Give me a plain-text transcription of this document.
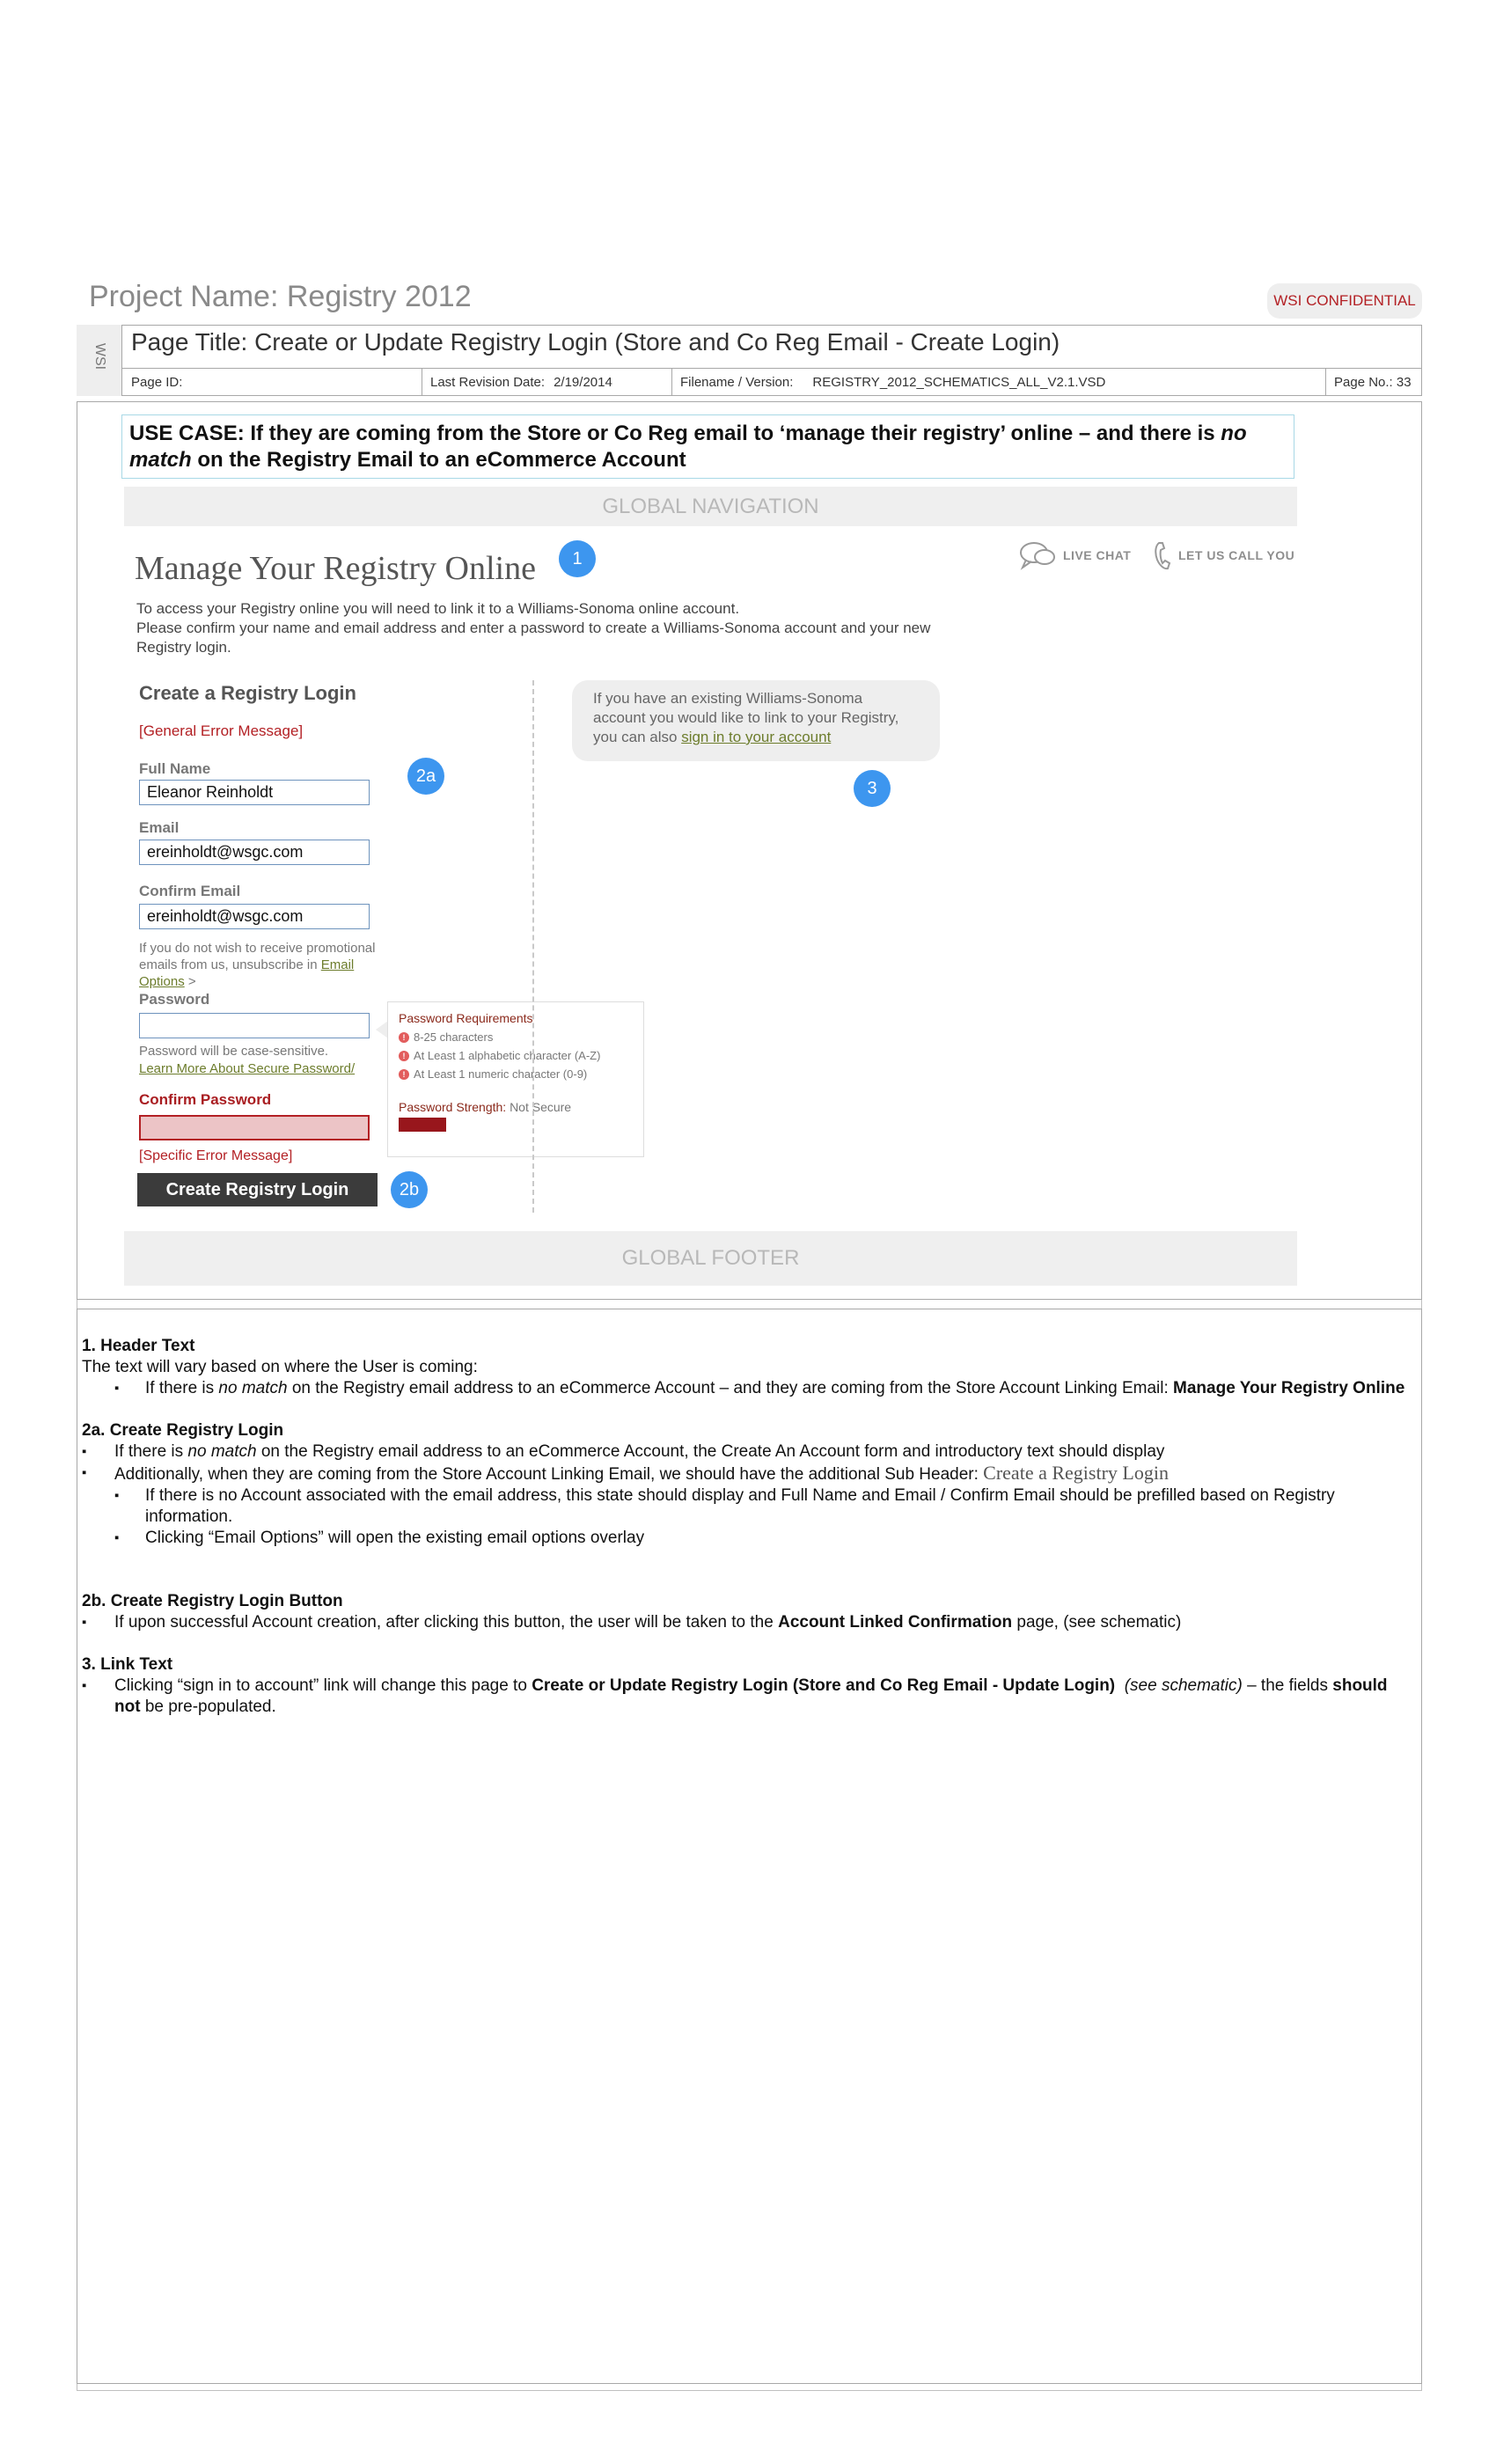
Project Name: Registry 2012	WSI CONFIDENTIAL
WSI
Page Title: Create or Update Registry Login (Store and Co Reg Email - Create Login)
Page ID:	Last Revision Date: 2/19/2014	Filename / Version: REGISTRY_2012_SCHEMATICS_ALL_V2.1.VSD	Page No.: 33
USE CASE: If they are coming from the Store or Co Reg email to ‘manage their registry’ online – and there is no match on the Registry Email to an eCommerce Account
GLOBAL NAVIGATION
Manage Your Registry Online	1	LIVE CHAT	LET US CALL YOU
To access your Registry online you will need to link it to a Williams-Sonoma online account.
Please confirm your name and email address and enter a password to create a Williams-Sonoma account and your new Registry login.
Create a Registry Login
[General Error Message]
Full Name
Eleanor Reinholdt
2a
Email
ereinholdt@wsgc.com
Confirm Email
ereinholdt@wsgc.com
If you do not wish to receive promotional emails from us, unsubscribe in Email Options >
Password
Password will be case-sensitive.
Learn More About Secure Password/
Confirm Password
[Specific Error Message]
Create Registry Login	2b
Password Requirements
! 8-25 characters
! At Least 1 alphabetic character (A-Z)
! At Least 1 numeric character (0-9)
Password Strength: Not Secure
If you have an existing Williams-Sonoma account you would like to link to your Registry, you can also sign in to your account
3
GLOBAL FOOTER
1. Header Text
The text will vary based on where the User is coming:
▪ If there is no match on the Registry email address to an eCommerce Account – and they are coming from the Store Account Linking Email: Manage Your Registry Online
2a. Create Registry Login
▪ If there is no match on the Registry email address to an eCommerce Account, the Create An Account form and introductory text should display
▪ Additionally, when they are coming from the Store Account Linking Email, we should have the additional Sub Header: Create a Registry Login
▪ If there is no Account associated with the email address, this state should display and Full Name and Email / Confirm Email should be prefilled based on Registry information.
▪ Clicking “Email Options” will open the existing email options overlay
2b. Create Registry Login Button
▪ If upon successful Account creation, after clicking this button, the user will be taken to the Account Linked Confirmation page, (see schematic)
3. Link Text
▪ Clicking “sign in to account” link will change this page to Create or Update Registry Login (Store and Co Reg Email - Update Login) (see schematic) – the fields should not be pre-populated.
